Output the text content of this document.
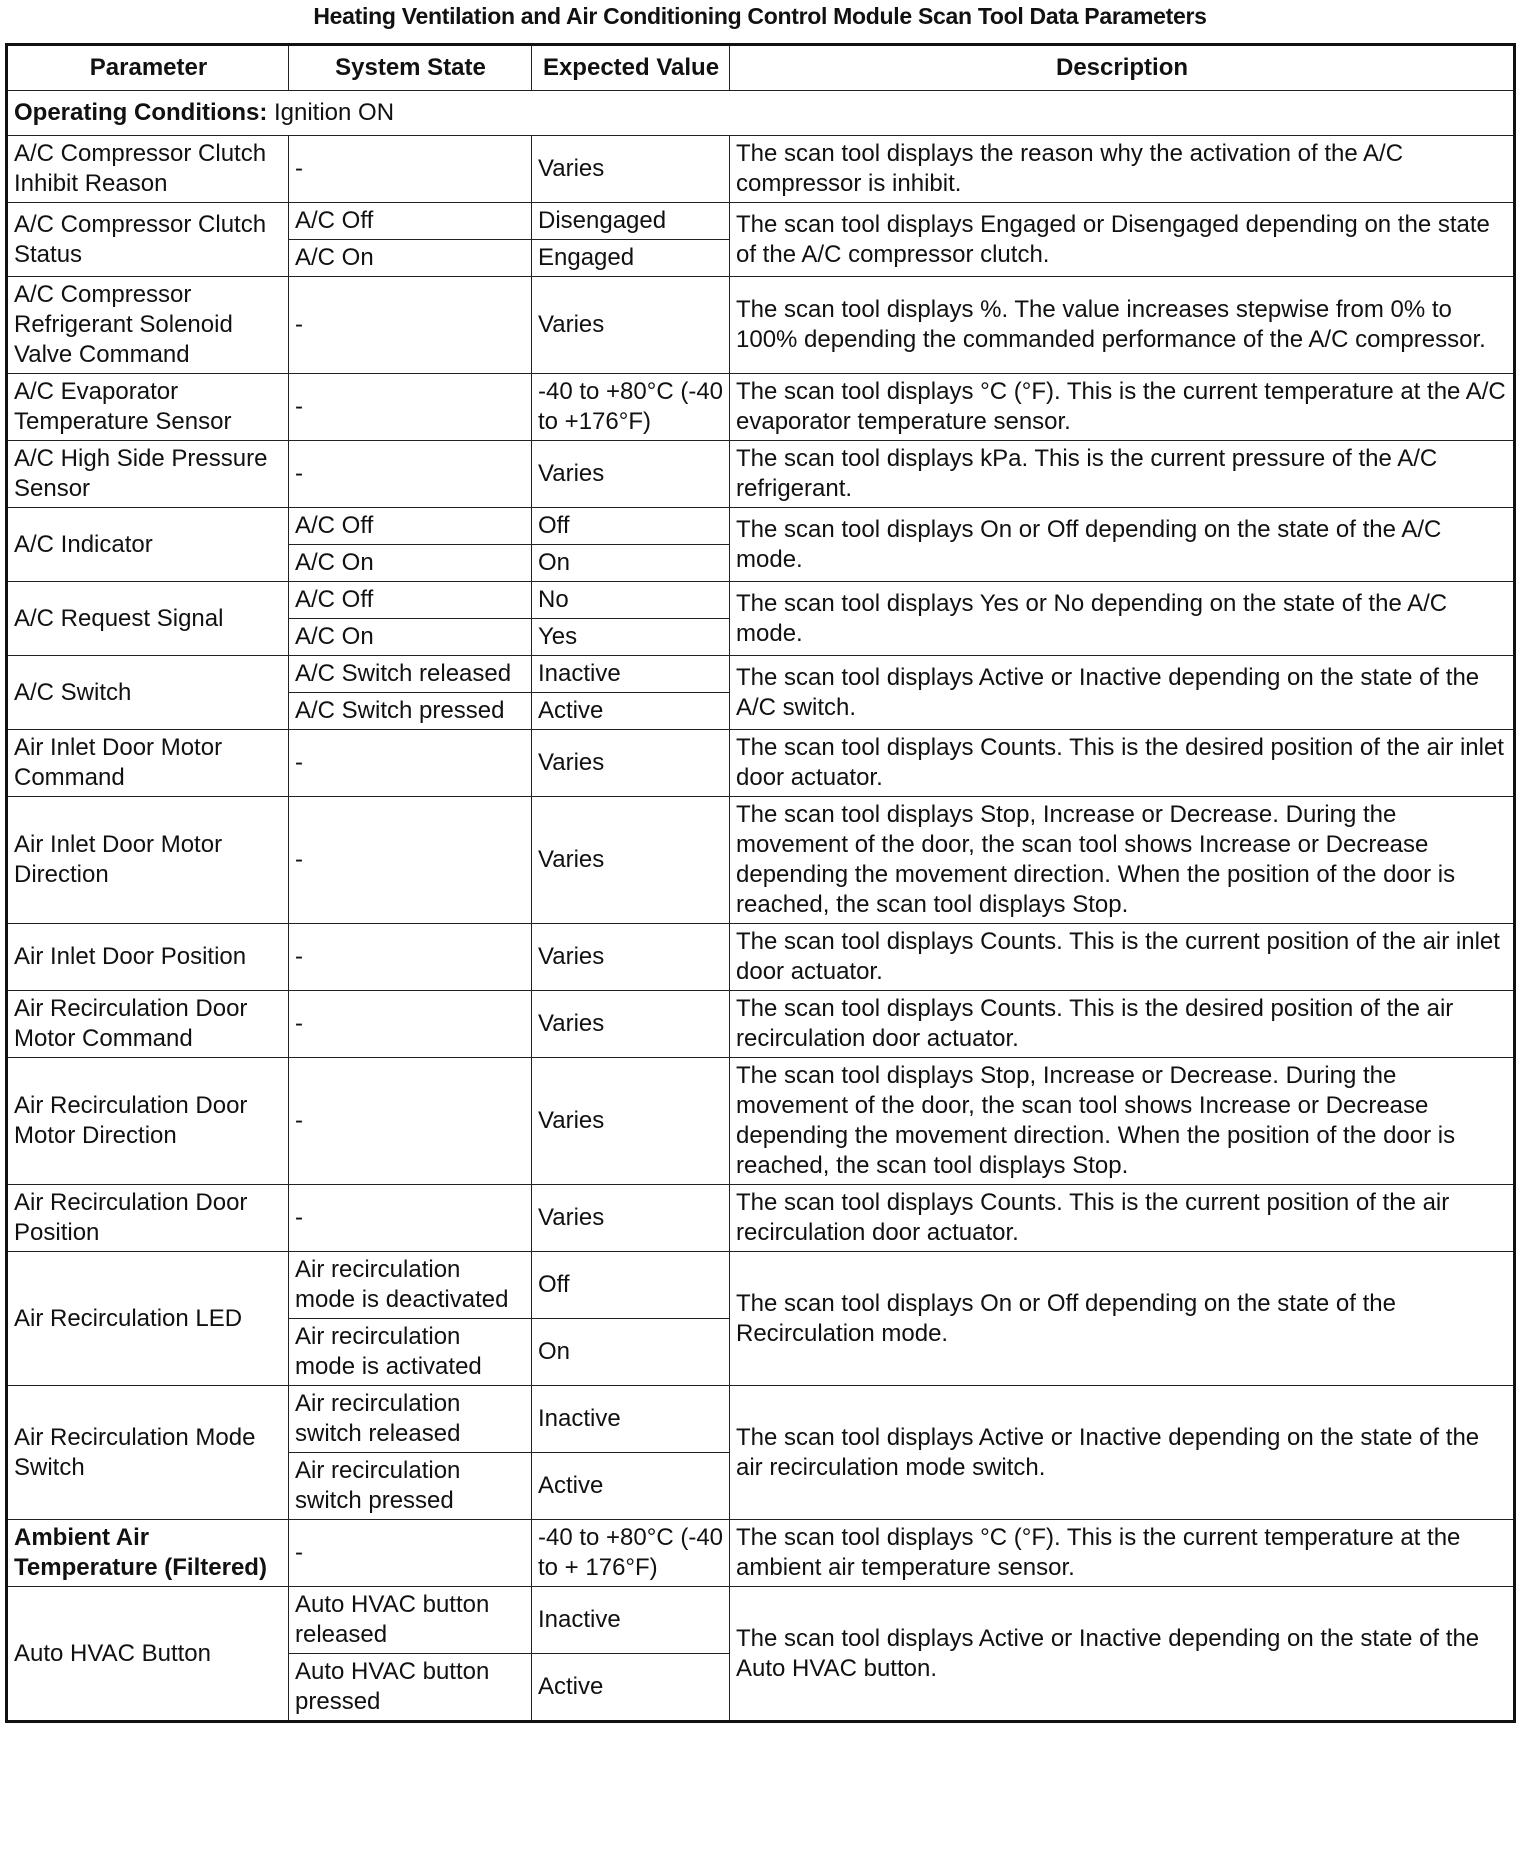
Heating Ventilation and Air Conditioning Control Module Scan Tool Data Parameters
Parameter	System State	Expected Value	Description
Operating Conditions: Ignition ON			
A/C Compressor Clutch Inhibit Reason	-	Varies	The scan tool displays the reason why the activation of the A/C compressor is inhibit.
A/C Compressor Clutch Status	A/C Off	Disengaged	The scan tool displays Engaged or Disengaged depending on the state of the A/C compressor clutch.
	A/C On	Engaged	
A/C Compressor Refrigerant Solenoid Valve Command	-	Varies	The scan tool displays %. The value increases stepwise from 0% to 100% depending the commanded performance of the A/C compressor.
A/C Evaporator Temperature Sensor	-	-40 to +80°C (-40 to +176°F)	The scan tool displays °C (°F). This is the current temperature at the A/C evaporator temperature sensor.
A/C High Side Pressure Sensor	-	Varies	The scan tool displays kPa. This is the current pressure of the A/C refrigerant.
A/C Indicator	A/C Off	Off	The scan tool displays On or Off depending on the state of the A/C mode.
	A/C On	On	
A/C Request Signal	A/C Off	No	The scan tool displays Yes or No depending on the state of the A/C mode.
	A/C On	Yes	
A/C Switch	A/C Switch released	Inactive	The scan tool displays Active or Inactive depending on the state of the A/C switch.
	A/C Switch pressed	Active	
Air Inlet Door Motor Command	-	Varies	The scan tool displays Counts. This is the desired position of the air inlet door actuator.
Air Inlet Door Motor Direction	-	Varies	The scan tool displays Stop, Increase or Decrease. During the movement of the door, the scan tool shows Increase or Decrease depending the movement direction. When the position of the door is reached, the scan tool displays Stop.
Air Inlet Door Position	-	Varies	The scan tool displays Counts. This is the current position of the air inlet door actuator.
Air Recirculation Door Motor Command	-	Varies	The scan tool displays Counts. This is the desired position of the air recirculation door actuator.
Air Recirculation Door Motor Direction	-	Varies	The scan tool displays Stop, Increase or Decrease. During the movement of the door, the scan tool shows Increase or Decrease depending the movement direction. When the position of the door is reached, the scan tool displays Stop.
Air Recirculation Door Position	-	Varies	The scan tool displays Counts. This is the current position of the air recirculation door actuator.
Air Recirculation LED	Air recirculation mode is deactivated	Off	The scan tool displays On or Off depending on the state of the Recirculation mode.
	Air recirculation mode is activated	On	
Air Recirculation Mode Switch	Air recirculation switch released	Inactive	The scan tool displays Active or Inactive depending on the state of the air recirculation mode switch.
	Air recirculation switch pressed	Active	
Ambient Air Temperature (Filtered)	-	-40 to +80°C (-40 to + 176°F)	The scan tool displays °C (°F). This is the current temperature at the ambient air temperature sensor.
Auto HVAC Button	Auto HVAC button released	Inactive	The scan tool displays Active or Inactive depending on the state of the Auto HVAC button.
	Auto HVAC button pressed	Active	
